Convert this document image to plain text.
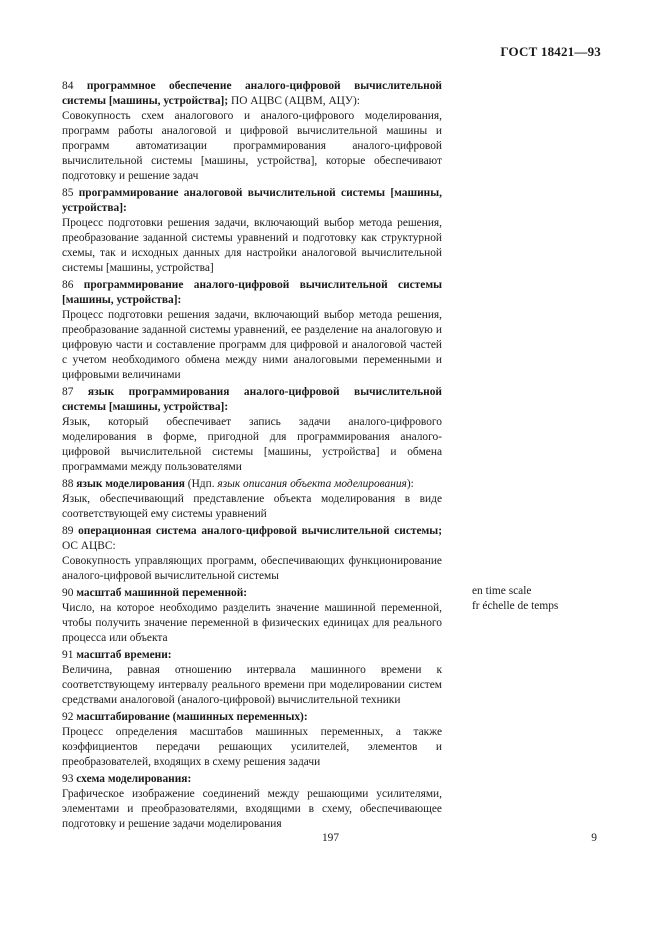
ГОСТ 18421—93

84 программное обеспечение аналого-цифровой вычислительной системы [машины, устройства]; ПО АЦВС (АЦВМ, АЦУ):

Совокупность схем аналогового и аналого-цифрового моделирования, программ работы аналоговой и цифровой вычислительной машины и программ автоматизации программирования аналого-цифровой вычислительной системы [машины, устройства], которые обеспечивают подготовку и решение задач

85 программирование аналоговой вычислительной системы [машины, устройства]:

Процесс подготовки решения задачи, включающий выбор метода решения, преобразование заданной системы уравнений и подготовку как структурной схемы, так и исходных данных для настройки аналоговой вычислительной системы [машины, устройства]

86 программирование аналого-цифровой вычислительной системы [машины, устройства]:

Процесс подготовки решения задачи, включающий выбор метода решения, преобразование заданной системы уравнений, ее разделение на аналоговую и цифровую части и составление программ для цифровой и аналоговой частей с учетом необходимого обмена между ними аналоговыми переменными и цифровыми величинами

87 язык программирования аналого-цифровой вычислительной системы [машины, устройства]:

Язык, который обеспечивает запись задачи аналого-цифрового моделирования в форме, пригодной для программирования аналого-цифровой вычислительной системы [машины, устройства] и обмена программами между пользователями

88 язык моделирования (Ндп. язык описания объекта моделирования):

Язык, обеспечивающий представление объекта моделирования в виде соответствующей ему системы уравнений

89 операционная система аналого-цифровой вычислительной системы; ОС АЦВС:

Совокупность управляющих программ, обеспечивающих функционирование аналого-цифровой вычислительной системы

90 масштаб машинной переменной:

Число, на которое необходимо разделить значение машинной переменной, чтобы получить значение переменной в физических единицах для реального процесса или объекта

91 масштаб времени:

Величина, равная отношению интервала машинного времени к соответствующему интервалу реального времени при моделировании систем средствами аналоговой (аналого-цифровой) вычислительной техники

92 масштабирование (машинных переменных):

Процесс определения масштабов машинных переменных, а также коэффициентов передачи решающих усилителей, элементов и преобразователей, входящих в схему решения задачи

93 схема моделирования:

Графическое изображение соединений между решающими усилителями, элементами и преобразователями, входящими в схему, обеспечивающее подготовку и решение задачи моделирования

en time scale
fr échelle de temps
197	9
